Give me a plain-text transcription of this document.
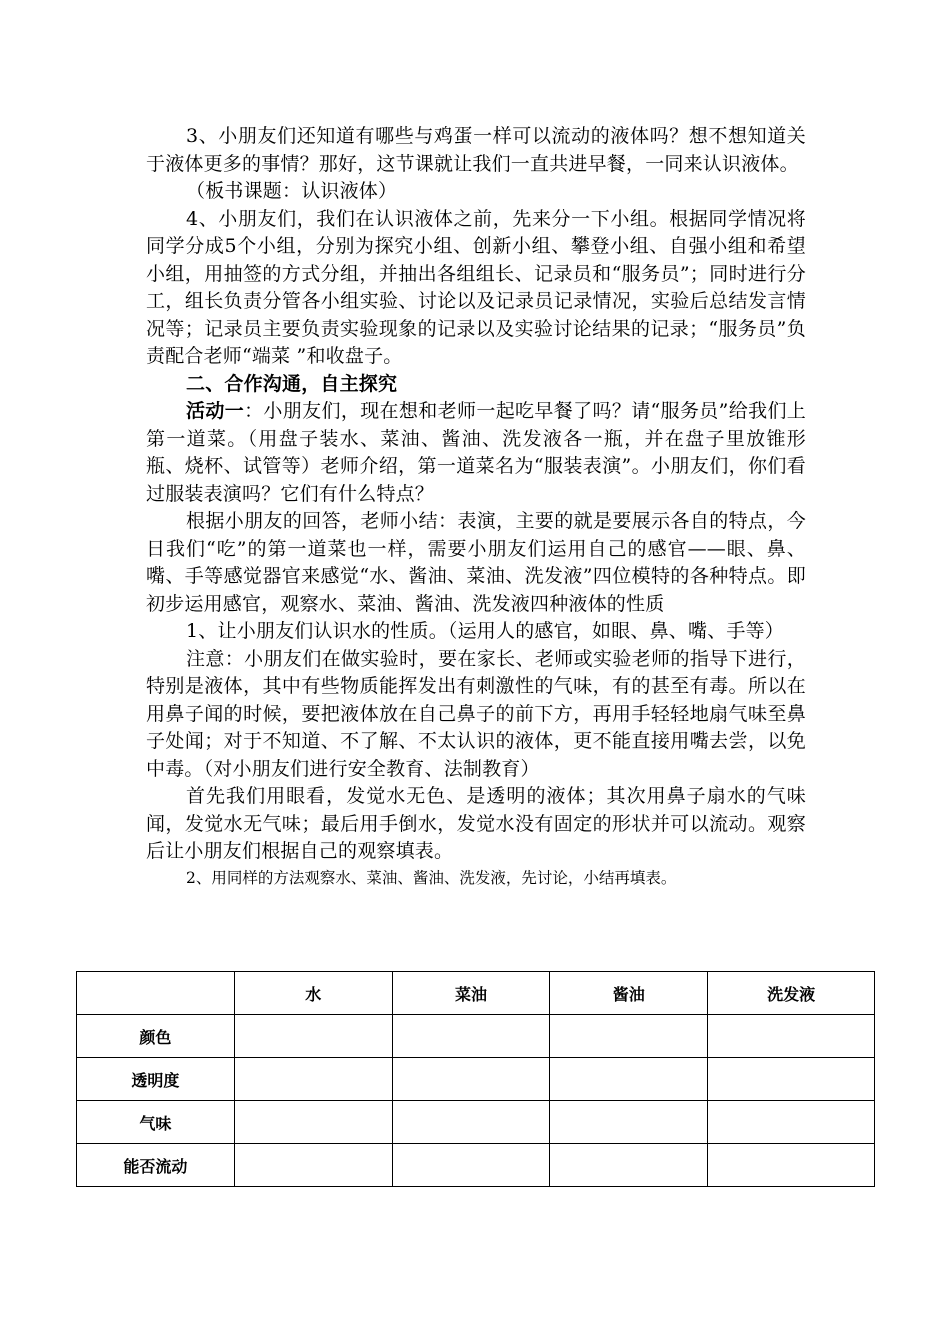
3、小朋友们还知道有哪些与鸡蛋一样可以流动的液体吗？想不想知道关于液体更多的事情？那好，这节课就让我们一直共进早餐，一同来认识液体。

（板书课题：认识液体）

4、小朋友们，我们在认识液体之前，先来分一下小组。根据同学情况将同学分成5个小组，分别为探究小组、创新小组、攀登小组、自强小组和希望小组，用抽签的方式分组，并抽出各组组长、记录员和“服务员”；同时进行分工，组长负责分管各小组实验、讨论以及记录员记录情况，实验后总结发言情况等；记录员主要负责实验现象的记录以及实验讨论结果的记录；“服务员”负责配合老师“端菜 ”和收盘子。

二、合作沟通，自主探究

活动一：小朋友们，现在想和老师一起吃早餐了吗？请“服务员”给我们上第一道菜。（用盘子装水、菜油、酱油、洗发液各一瓶，并在盘子里放锥形瓶、烧杯、试管等）老师介绍，第一道菜名为“服装表演”。小朋友们，你们看过服装表演吗？它们有什么特点？

根据小朋友的回答，老师小结：表演，主要的就是要展示各自的特点，今日我们“吃”的第一道菜也一样，需要小朋友们运用自己的感官——眼、鼻、嘴、手等感觉器官来感觉“水、酱油、菜油、洗发液”四位模特的各种特点。即初步运用感官，观察水、菜油、酱油、洗发液四种液体的性质

1、让小朋友们认识水的性质。（运用人的感官，如眼、鼻、嘴、手等）

注意：小朋友们在做实验时，要在家长、老师或实验老师的指导下进行，特别是液体，其中有些物质能挥发出有刺激性的气味，有的甚至有毒。所以在用鼻子闻的时候，要把液体放在自己鼻子的前下方，再用手轻轻地扇气味至鼻子处闻；对于不知道、不了解、不太认识的液体，更不能直接用嘴去尝，以免中毒。（对小朋友们进行安全教育、法制教育）

首先我们用眼看，发觉水无色、是透明的液体；其次用鼻子扇水的气味闻，发觉水无气味；最后用手倒水，发觉水没有固定的形状并可以流动。观察后让小朋友们根据自己的观察填表。

2、用同样的方法观察水、菜油、酱油、洗发液，先讨论，小结再填表。

	水	菜油	酱油	洗发液
颜色				
透明度				
气味				
能否流动				
